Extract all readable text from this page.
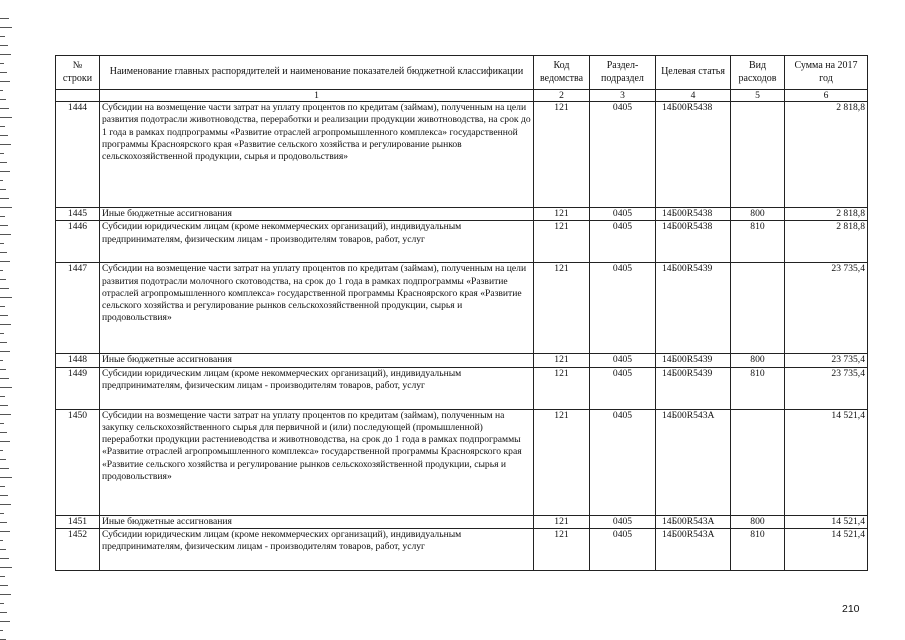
№ строки	Наименование главных распорядителей и наименование показателей бюджетной классификации	Код ведомства	Раздел-подраздел	Целевая статья	Вид расходов	Сумма на 2017 год
	1	2	3	4	5	6
1444	Субсидии на возмещение части затрат на уплату процентов по кредитам (займам), полученным на цели развития подотрасли животноводства, переработки и реализации продукции животноводства, на срок до 1 года в рамках подпрограммы «Развитие отраслей агропромышленного комплекса» государственной программы Красноярского края «Развитие сельского хозяйства и регулирование рынков сельскохозяйственной продукции, сырья и продовольствия»	121	0405	14Б00R5438		2 818,8
1445	Иные бюджетные ассигнования	121	0405	14Б00R5438	800	2 818,8
1446	Субсидии юридическим лицам (кроме некоммерческих организаций), индивидуальным предпринимателям, физическим лицам - производителям товаров, работ, услуг	121	0405	14Б00R5438	810	2 818,8
1447	Субсидии на возмещение части затрат на уплату процентов по кредитам (займам), полученным на цели развития подотрасли молочного скотоводства, на срок до 1 года в рамках подпрограммы «Развитие отраслей агропромышленного комплекса» государственной программы Красноярского края «Развитие сельского хозяйства и регулирование рынков сельскохозяйственной продукции, сырья и продовольствия»	121	0405	14Б00R5439		23 735,4
1448	Иные бюджетные ассигнования	121	0405	14Б00R5439	800	23 735,4
1449	Субсидии юридическим лицам (кроме некоммерческих организаций), индивидуальным предпринимателям, физическим лицам - производителям товаров, работ, услуг	121	0405	14Б00R5439	810	23 735,4
1450	Субсидии на возмещение части затрат на уплату процентов по кредитам (займам), полученным на закупку сельскохозяйственного сырья для первичной и (или) последующей (промышленной) переработки продукции растениеводства и животноводства, на срок до 1 года в рамках подпрограммы «Развитие отраслей агропромышленного комплекса» государственной программы Красноярского края «Развитие сельского хозяйства и регулирование рынков сельскохозяйственной продукции, сырья и продовольствия»	121	0405	14Б00R543А		14 521,4
1451	Иные бюджетные ассигнования	121	0405	14Б00R543А	800	14 521,4
1452	Субсидии юридическим лицам (кроме некоммерческих организаций), индивидуальным предпринимателям, физическим лицам - производителям товаров, работ, услуг	121	0405	14Б00R543А	810	14 521,4
210
